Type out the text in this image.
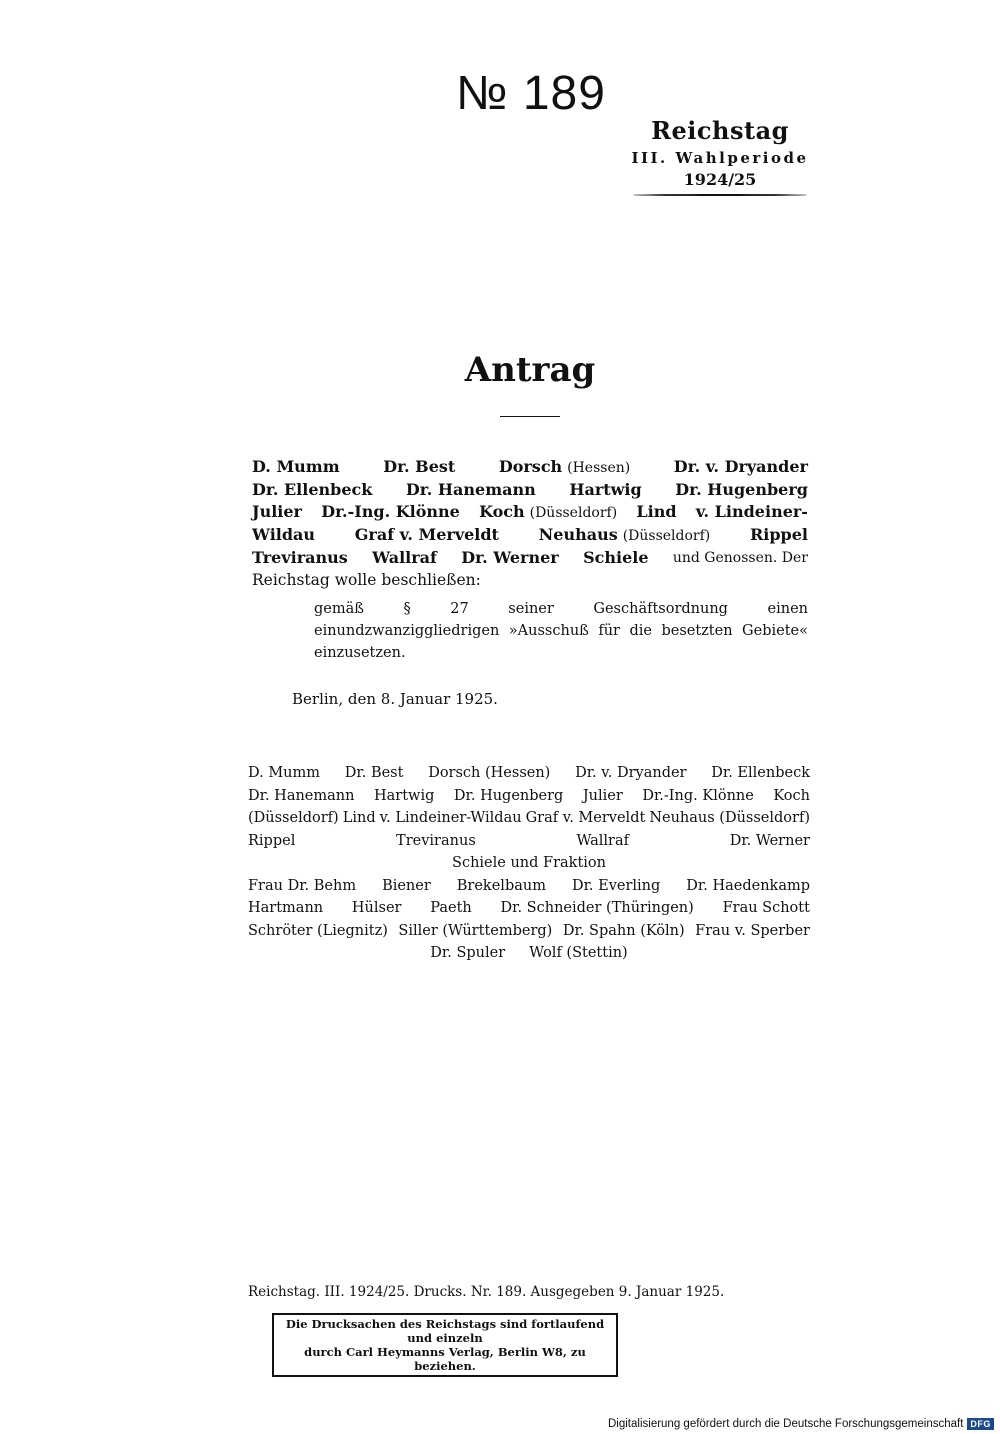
№ 189
Reichstag
III. Wahlperiode
1924/25
Antrag
D. Mumm	Dr. Best	Dorsch (Hessen)	Dr. v. Dryander
Dr. Ellenbeck Dr. Hanemann Hartwig Dr. Hugenberg
Julier Dr.-Ing. Klönne Koch (Düsseldorf) Lind v. Lindeiner-
Wildau Graf v. Merveldt Neuhaus (Düsseldorf) Rippel
Treviranus Wallraf Dr. Werner Schiele und Genossen. Der
Reichstag wolle beschließen:
gemäß § 27 seiner Geschäftsordnung einen einundzwanziggliedrigen »Ausschuß für die besetzten Gebiete« einzusetzen.
Berlin, den 8. Januar 1925.
D. Mumm Dr. Best Dorsch (Hessen) Dr. v. Dryander Dr. Ellenbeck
Dr. Hanemann Hartwig Dr. Hugenberg Julier Dr.-Ing. Klönne Koch
(Düsseldorf) Lind v. Lindeiner-Wildau Graf v. Merveldt Neuhaus (Düsseldorf)
Rippel	Treviranus	Wallraf	Dr. Werner
Schiele und Fraktion
Frau Dr. Behm Biener Brekelbaum Dr. Everling Dr. Haedenkamp
Hartmann Hülser Paeth Dr. Schneider (Thüringen) Frau Schott
Schröter (Liegnitz) Siller (Württemberg) Dr. Spahn (Köln) Frau v. Sperber
Dr. Spuler Wolf (Stettin)
Reichstag. III. 1924/25. Drucks. Nr. 189. Ausgegeben 9. Januar 1925.
Die Drucksachen des Reichstags sind fortlaufend und einzeln
durch Carl Heymanns Verlag, Berlin W8, zu beziehen.
Digitalisierung gefördert durch die Deutsche Forschungsgemeinschaft DFG
